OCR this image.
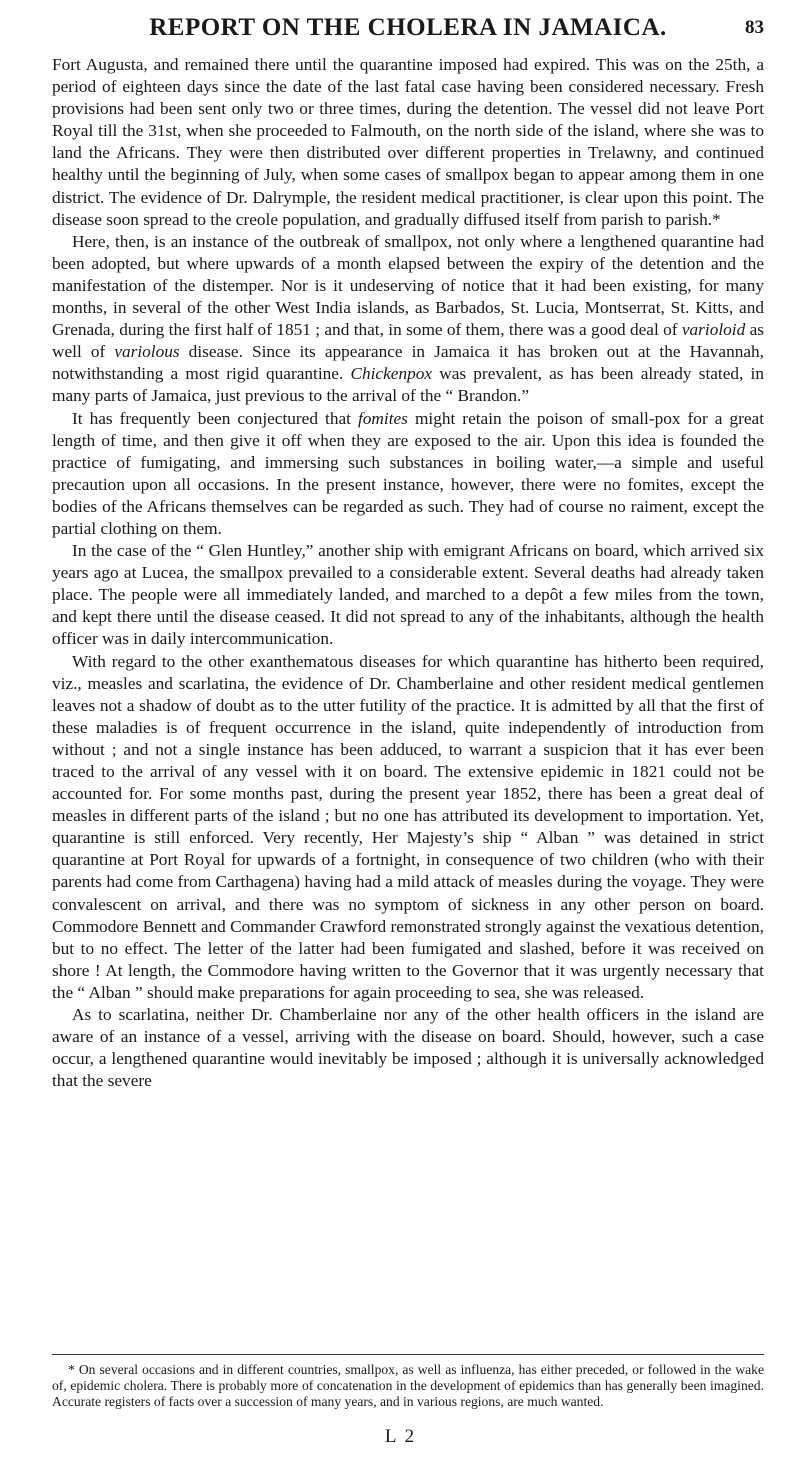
REPORT ON THE CHOLERA IN JAMAICA.	83

Fort Augusta, and remained there until the quarantine imposed had expired. This was on the 25th, a period of eighteen days since the date of the last fatal case having been considered necessary. Fresh provisions had been sent only two or three times, during the detention. The vessel did not leave Port Royal till the 31st, when she proceeded to Falmouth, on the north side of the island, where she was to land the Africans. They were then distributed over different properties in Trelawny, and continued healthy until the beginning of July, when some cases of smallpox began to appear among them in one district. The evidence of Dr. Dalrymple, the resident medical practitioner, is clear upon this point. The disease soon spread to the creole population, and gradually diffused itself from parish to parish.*

Here, then, is an instance of the outbreak of smallpox, not only where a lengthened quarantine had been adopted, but where upwards of a month elapsed between the expiry of the detention and the manifestation of the distemper. Nor is it undeserving of notice that it had been existing, for many months, in several of the other West India islands, as Barbados, St. Lucia, Montserrat, St. Kitts, and Grenada, during the first half of 1851 ; and that, in some of them, there was a good deal of varioloid as well of variolous disease. Since its appearance in Jamaica it has broken out at the Havannah, notwithstanding a most rigid quarantine. Chickenpox was prevalent, as has been already stated, in many parts of Jamaica, just previous to the arrival of the “ Brandon.”

It has frequently been conjectured that fomites might retain the poison of small-pox for a great length of time, and then give it off when they are exposed to the air. Upon this idea is founded the practice of fumigating, and immersing such substances in boiling water,—a simple and useful precaution upon all occasions. In the present instance, however, there were no fomites, except the bodies of the Africans themselves can be regarded as such. They had of course no raiment, except the partial clothing on them.

In the case of the “ Glen Huntley,” another ship with emigrant Africans on board, which arrived six years ago at Lucea, the smallpox prevailed to a considerable extent. Several deaths had already taken place. The people were all immediately landed, and marched to a depôt a few miles from the town, and kept there until the disease ceased. It did not spread to any of the inhabitants, although the health officer was in daily intercommunication.

With regard to the other exanthematous diseases for which quarantine has hitherto been required, viz., measles and scarlatina, the evidence of Dr. Chamberlaine and other resident medical gentlemen leaves not a shadow of doubt as to the utter futility of the practice. It is admitted by all that the first of these maladies is of frequent occurrence in the island, quite independently of introduction from without ; and not a single instance has been adduced, to warrant a suspicion that it has ever been traced to the arrival of any vessel with it on board. The extensive epidemic in 1821 could not be accounted for. For some months past, during the present year 1852, there has been a great deal of measles in different parts of the island ; but no one has attributed its development to importation. Yet, quarantine is still enforced. Very recently, Her Majesty’s ship “ Alban ” was detained in strict quarantine at Port Royal for upwards of a fortnight, in consequence of two children (who with their parents had come from Carthagena) having had a mild attack of measles during the voyage. They were convalescent on arrival, and there was no symptom of sickness in any other person on board. Commodore Bennett and Commander Crawford remonstrated strongly against the vexatious detention, but to no effect. The letter of the latter had been fumigated and slashed, before it was received on shore ! At length, the Commodore having written to the Governor that it was urgently necessary that the “ Alban ” should make preparations for again proceeding to sea, she was released.

As to scarlatina, neither Dr. Chamberlaine nor any of the other health officers in the island are aware of an instance of a vessel, arriving with the disease on board. Should, however, such a case occur, a lengthened quarantine would inevitably be imposed ; although it is universally acknowledged that the severe

* On several occasions and in different countries, smallpox, as well as influenza, has either preceded, or followed in the wake of, epidemic cholera. There is probably more of concatenation in the development of epidemics than has generally been imagined. Accurate registers of facts over a succession of many years, and in various regions, are much wanted.
L 2
